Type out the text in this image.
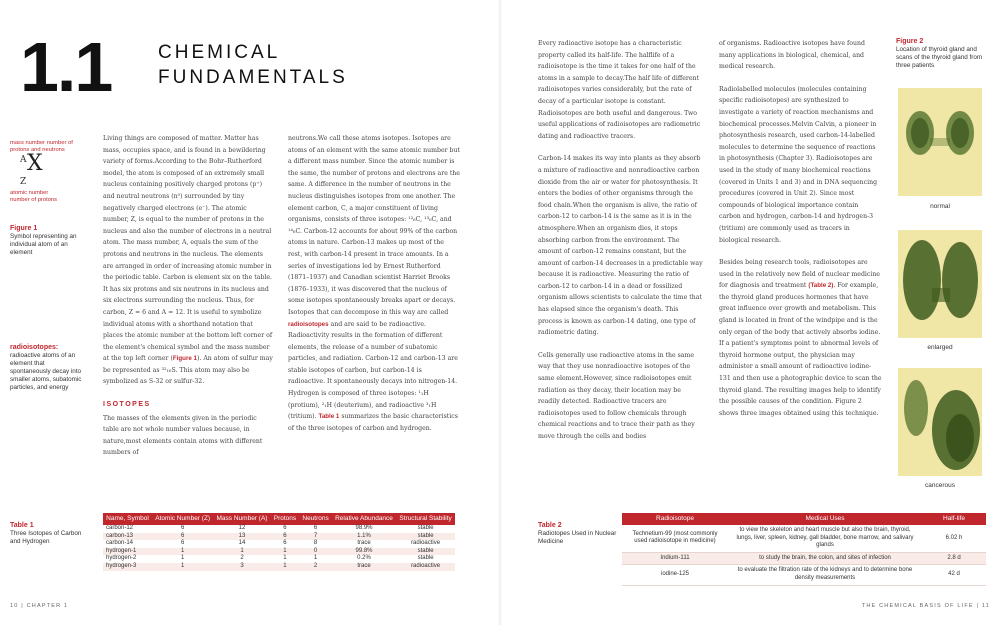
1.1 CHEMICAL
FUNDAMENTALS
mass number number of protons and neutrons
A X
Z
atomic number number of protons
Figure 1
Symbol representing an individual atom of an element
radioisotopes:
radioactive atoms of an element that spontaneously decay into smaller atoms, subatomic particles, and energy

Living things are composed of matter. Matter has mass, occupies space, and is found in a bewildering variety of forms.According to the Bohr–Rutherford model, the atom is composed of an extremely small nucleus containing positively charged protons (p⁺) and neutral neutrons (n⁰) surrounded by tiny negatively charged electrons (e⁻). The atomic number, Z, is equal to the number of protons in the nucleus and also the number of electrons in a neutral atom. The mass number, A, equals the sum of the protons and neutrons in the nucleus. The elements are arranged in order of increasing atomic number in the periodic table. Carbon is element six on the table. It has six protons and six neutrons in its nucleus and six electrons surrounding the nucleus. Thus, for carbon, Z = 6 and A = 12. It is useful to symbolize individual atoms with a shorthand notation that places the atomic number at the bottom left corner of the element's chemical symbol and the mass number at the top left corner (Figure 1). An atom of sulfur may be represented as ³²₁₆S. This atom may also be symbolized as S-32 or sulfur-32.

ISOTOPES

The masses of the elements given in the periodic table are not whole number values because, in nature,most elements contain atoms with different numbers of

neutrons.We call these atoms isotopes. Isotopes are atoms of an element with the same atomic number but a different mass number. Since the atomic number is the same, the number of protons and electrons are the same. A difference in the number of neutrons in the nucleus distinguishes isotopes from one another. The element carbon, C, a major constituent of living organisms, consists of three isotopes: ¹²₆C, ¹³₆C, and ¹⁴₆C. Carbon-12 accounts for about 99% of the carbon atoms in nature. Carbon-13 makes up most of the rest, with carbon-14 present in trace amounts. In a series of investigations led by Ernest Rutherford (1871–1937) and Canadian scientist Harriet Brooks (1876–1933), it was discovered that the nucleus of some isotopes spontaneously breaks apart or decays. Isotopes that can decompose in this way are called radioisotopes and are said to be radioactive. Radioactivity results in the formation of different elements, the release of a number of subatomic particles, and radiation. Carbon-12 and carbon-13 are stable isotopes of carbon, but carbon-14 is radioactive. It spontaneously decays into nitrogen-14. Hydrogen is composed of three isotopes: ¹₁H (protium), ²₁H (deuterium), and radioactive ³₁H (tritium). Table 1 summarizes the basic characteristics of the three isotopes of carbon and hydrogen.

Table 1
Three Isotopes of Carbon and Hydrogen
Name, Symbol	Atomic Number (Z)	Mass Number (A)	Protons	Neutrons	Relative Abundance	Structural Stability
carbon-12	6	12	6	6	98.9%	stable
carbon-13	6	13	6	7	1.1%	stable
carbon-14	6	14	6	8	trace	radioactive
hydrogen-1	1	1	1	0	99.8%	stable
hydrogen-2	1	2	1	1	0.2%	stable
hydrogen-3	1	3	1	2	trace	radioactive
10 | CHAPTER 1

Every radioactive isotope has a characteristic property called its half-life. The halflife of a radioisotope is the time it takes for one half of the atoms in a sample to decay.The half life of different radioisotopes varies considerably, but the rate of decay of a particular isotope is constant. Radioisotopes are both useful and dangerous. Two useful applications of radioisotopes are radiometric dating and radioactive tracers.

Carbon-14 makes its way into plants as they absorb a mixture of radioactive and nonradioactive carbon dioxide from the air or water for photosynthesis. It enters the bodies of other organisms through the food chain.When the organism is alive, the ratio of carbon-12 to carbon-14 is the same as it is in the atmosphere.When an organism dies, it stops absorbing carbon from the environment. The amount of carbon-12 remains constant, but the amount of carbon-14 decreases in a predictable way because it is radioactive. Measuring the ratio of carbon-12 to carbon-14 in a dead or fossilized organism allows scientists to calculate the time that has elapsed since the organism's death. This process is known as carbon-14 dating, one type of radiometric dating.

Cells generally use radioactive atoms in the same way that they use nonradioactive isotopes of the same element.However, since radioisotopes emit radiation as they decay, their location may be readily detected. Radioactive tracers are radioisotopes used to follow chemicals through chemical reactions and to trace their path as they move through the cells and bodies

of organisms. Radioactive isotopes have found many applications in biological, chemical, and medical research.

Radiolabelled molecules (molecules containing specific radioisotopes) are synthesized to investigate a variety of reaction mechanisms and biochemical processes.Melvin Calvin, a pioneer in photosynthesis research, used carbon-14-labelled molecules to determine the sequence of reactions in photosynthesis (Chapter 3). Radioisotopes are used in the study of many biochemical reactions (covered in Units 1 and 3) and in DNA sequencing procedures (covered in Unit 2). Since most compounds of biological importance contain carbon and hydrogen, carbon-14 and hydrogen-3 (tritium) are commonly used as tracers in biological research.

Besides being research tools, radioisotopes are used in the relatively new field of nuclear medicine for diagnosis and treatment (Table 2). For example, the thyroid gland produces hormones that have great influence over growth and metabolism. This gland is located in front of the windpipe and is the only organ of the body that actively absorbs iodine. If a patient's symptoms point to abnormal levels of thyroid hormone output, the physician may administer a small amount of radioactive iodine-131 and then use a photographic device to scan the thyroid gland. The resulting images help to identify the possible causes of the condition. Figure 2 shows three images obtained using this technique.

Figure 2
Location of thyroid gland and scans of the thyroid gland from three patients
normal
enlarged
cancerous
Table 2
Radiotopes Used in Nuclear Medicine
Radioisotope	Medical Uses	Half-life
Technetium-99 (most commonly used radioisotope in medicine)	to view the skeleton and heart muscle but also the brain, thyroid, lungs, liver, spleen, kidney, gall bladder, bone marrow, and salivary glands	6.02 h
Indium-111	to study the brain, the colon, and sites of infection	2.8 d
iodine-125	to evaluate the filtration rate of the kidneys and to determine bone density measurements	42 d
THE CHEMICAL BASIS OF LIFE | 11
